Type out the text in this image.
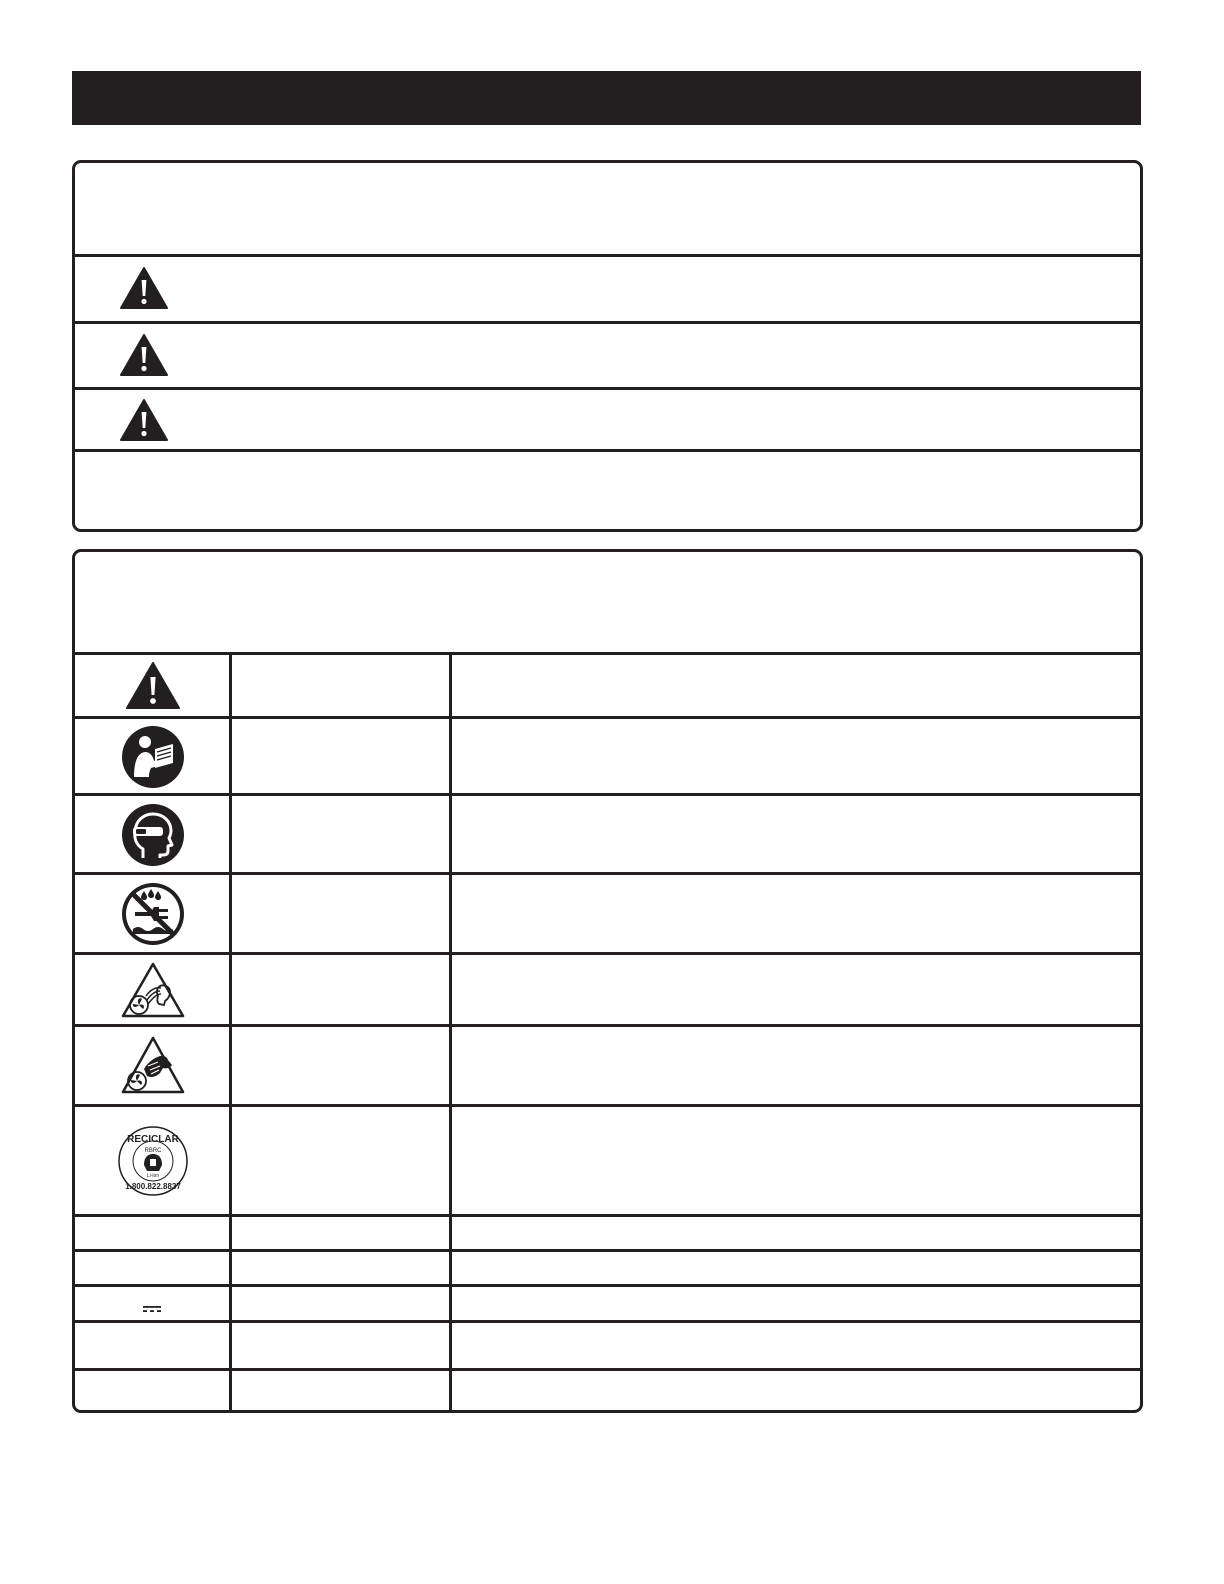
RECICLAR
RBRC
Li-ion
1.800.822.8837
